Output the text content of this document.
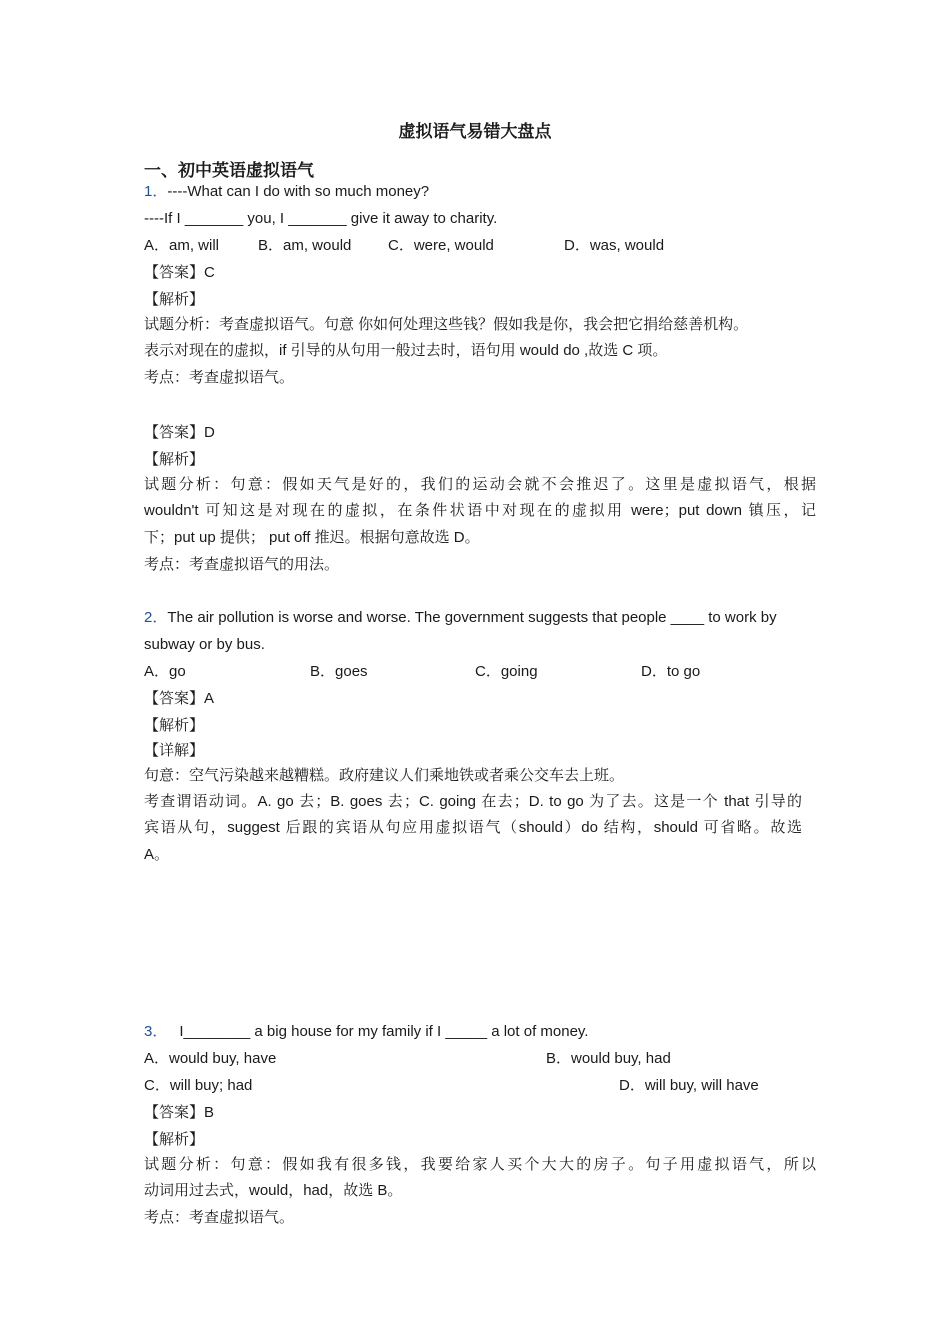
虚拟语气易错大盘点
一、初中英语虚拟语气
1．----What can I do with so much money?
----If I _______ you, I _______ give it away to charity.
A．am, will	B．am, would C．were, would	D．was, would
【答案】C
【解析】
试题分析：考查虚拟语气。句意 你如何处理这些钱？假如我是你，我会把它捐给慈善机构。
表示对现在的虚拟，if 引导的从句用一般过去时，语句用 would do ,故选 C 项。
考点：考查虚拟语气。
【答案】D
【解析】
试题分析：句意：假如天气是好的，我们的运动会就不会推迟了。这里是虚拟语气，根据
wouldn't 可知这是对现在的虚拟，在条件状语中对现在的虚拟用 were；put down 镇压，记
下；put up 提供； put off 推迟。根据句意故选 D。
考点：考查虚拟语气的用法。
2．The air pollution is worse and worse. The government suggests that people ____ to work by
subway or by bus.
A．go	B．goes	C．going	D．to go
【答案】A
【解析】
【详解】
句意：空气污染越来越糟糕。政府建议人们乘地铁或者乘公交车去上班。
考查谓语动词。A. go 去；B. goes 去；C. going 在去；D. to go 为了去。这是一个 that 引导的
宾语从句，suggest 后跟的宾语从句应用虚拟语气（should）do 结构，should 可省略。故选
A。
3． I________ a big house for my family if I _____ a lot of money.
A．would buy, have	B．would buy, had
C．will buy; had	D．will buy, will have
【答案】B
【解析】
试题分析：句意：假如我有很多钱，我要给家人买个大大的房子。句子用虚拟语气，所以
动词用过去式，would，had，故选 B。
考点：考查虚拟语气。
